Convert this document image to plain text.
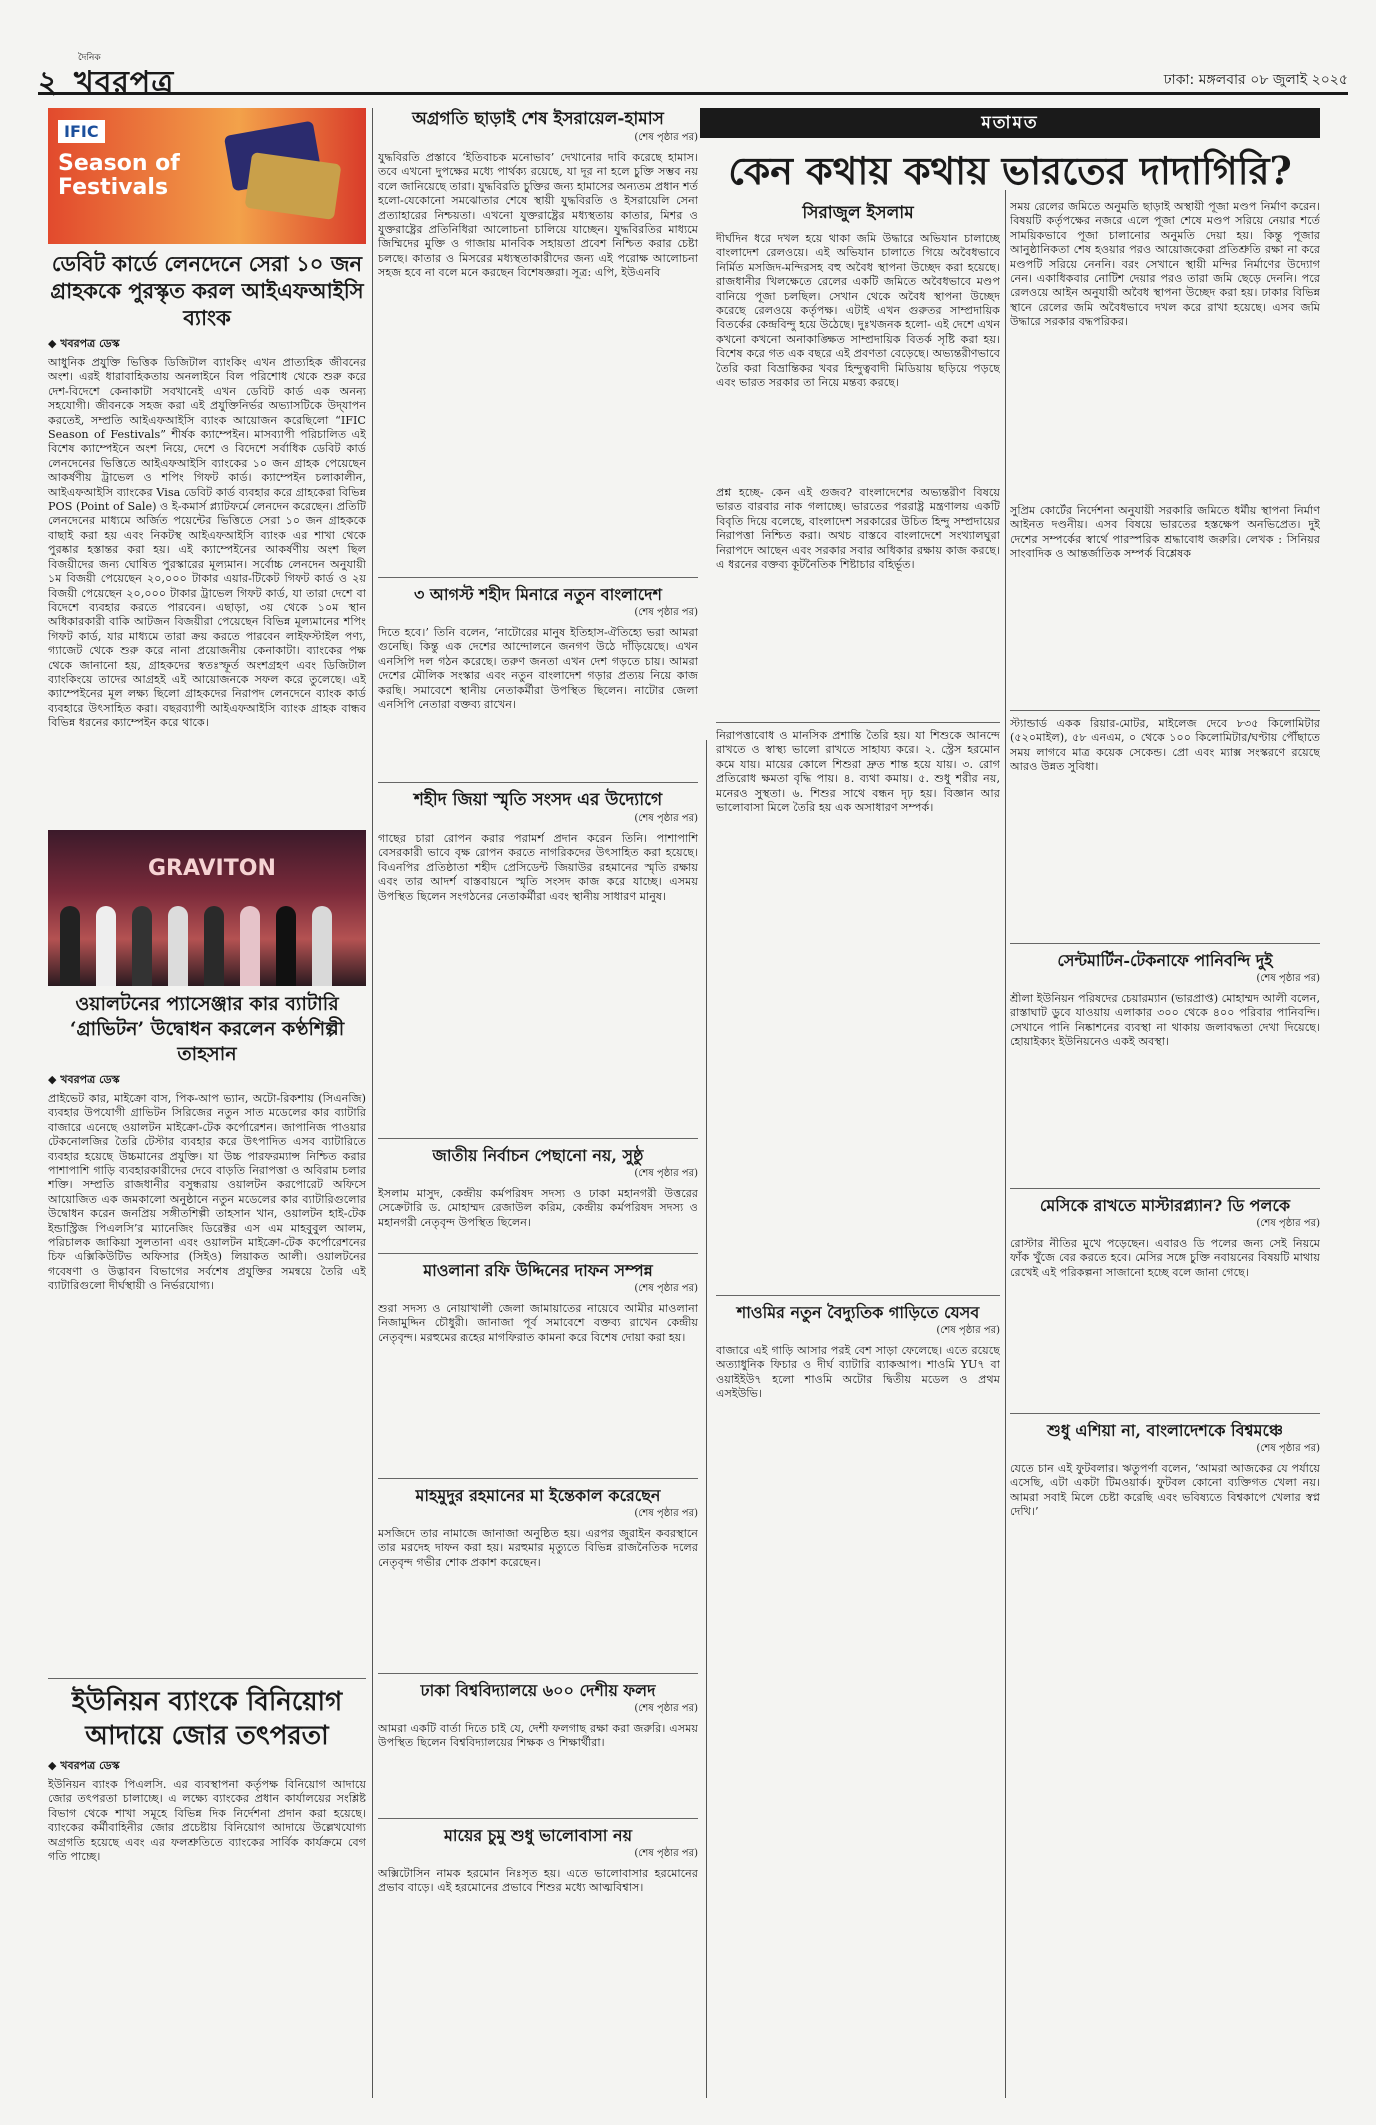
২
দৈনিক
খবরপত্র	ঢাকা: মঙ্গলবার ০৮ জুলাই ২০২৫
IFIC
Season of Festivals
ডেবিট কার্ডে লেনদেনে সেরা ১০ জন গ্রাহককে পুরস্কৃত করল আইএফআইসি ব্যাংক

◆ খবরপত্র ডেস্ক

আধুনিক প্রযুক্তি ভিত্তিক ডিজিটাল ব্যাংকিং এখন প্রাত্যহিক জীবনের অংশ। এরই ধারাবাহিকতায় অনলাইনে বিল পরিশোধ থেকে শুরু করে দেশ-বিদেশে কেনাকাটা সবখানেই এখন ডেবিট কার্ড এক অনন্য সহযোগী। জীবনকে সহজ করা এই প্রযুক্তিনির্ভর অভ্যাসটিকে উদ্‌যাপন করতেই, সম্প্রতি আইএফআইসি ব্যাংক আয়োজন করেছিলো “IFIC Season of Festivals” শীর্ষক ক্যাম্পেইন। মাসব্যাপী পরিচালিত এই বিশেষ ক্যাম্পেইনে অংশ নিয়ে, দেশে ও বিদেশে সর্বাধিক ডেবিট কার্ড লেনদেনের ভিত্তিতে আইএফআইসি ব্যাংকের ১০ জন গ্রাহক পেয়েছেন আকর্ষণীয় ট্রাভেল ও শপিং গিফট কার্ড। ক্যাম্পেইন চলাকালীন, আইএফআইসি ব্যাংকের Visa ডেবিট কার্ড ব্যবহার করে গ্রাহকেরা বিভিন্ন POS (Point of Sale) ও ই-কমার্স প্ল্যাটফর্মে লেনদেন করেছেন। প্রতিটি লেনদেনের মাধ্যমে অর্জিত পয়েন্টের ভিত্তিতে সেরা ১০ জন গ্রাহককে বাছাই করা হয় এবং নিকটস্থ আইএফআইসি ব্যাংক এর শাখা থেকে পুরষ্কার হস্তান্তর করা হয়। এই ক্যাম্পেইনের আকর্ষণীয় অংশ ছিল বিজয়ীদের জন্য ঘোষিত পুরস্কারের মূল্যমান। সর্বোচ্চ লেনদেন অনুযায়ী ১ম বিজয়ী পেয়েছেন ২০,০০০ টাকার এয়ার-টিকেট গিফট কার্ড ও ২য় বিজয়ী পেয়েছেন ২০,০০০ টাকার ট্রাভেল গিফট কার্ড, যা তারা দেশে বা বিদেশে ব্যবহার করতে পারবেন। এছাড়া, ৩য় থেকে ১০ম স্থান অধিকারকারী বাকি আটজন বিজয়ীরা পেয়েছেন বিভিন্ন মূল্যমানের শপিং গিফট কার্ড, যার মাধ্যমে তারা ক্রয় করতে পারবেন লাইফস্টাইল পণ্য, গ্যাজেট থেকে শুরু করে নানা প্রয়োজনীয় কেনাকাটা। ব্যাংকের পক্ষ থেকে জানানো হয়, গ্রাহকদের স্বতঃস্ফূর্ত অংশগ্রহণ এবং ডিজিটাল ব্যাংকিংয়ে তাদের আগ্রহই এই আয়োজনকে সফল করে তুলেছে। এই ক্যাম্পেইনের মূল লক্ষ্য ছিলো গ্রাহকদের নিরাপদ লেনদেনে ব্যাংক কার্ড ব্যবহারে উৎসাহিত করা। বছরব্যাপী আইএফআইসি ব্যাংক গ্রাহক বান্ধব বিভিন্ন ধরনের ক্যাম্পেইন করে থাকে।

GRAVITON
ওয়ালটনের প্যাসেঞ্জার কার ব্যাটারি ‘গ্রাভিটন’ উদ্বোধন করলেন কণ্ঠশিল্পী তাহসান

◆ খবরপত্র ডেস্ক

প্রাইভেট কার, মাইক্রো বাস, পিক-আপ ভ্যান, অটো-রিকশায় (সিএনজি) ব্যবহার উপযোগী গ্রাভিটন সিরিজের নতুন সাত মডেলের কার ব্যাটারি বাজারে এনেছে ওয়ালটন মাইক্রো-টেক কর্পোরেশন। জাপানিজ পাওয়ার টেকনোলজির তৈরি টেস্টার ব্যবহার করে উৎপাদিত এসব ব্যাটারিতে ব্যবহার হয়েছে উচ্চমানের প্রযুক্তি। যা উচ্চ পারফরম্যান্স নিশ্চিত করার পাশাপাশি গাড়ি ব্যবহারকারীদের দেবে বাড়তি নিরাপত্তা ও অবিরাম চলার শক্তি। সম্প্রতি রাজধানীর বসুন্ধরায় ওয়ালটন করপোরেট অফিসে আয়োজিত এক জমকালো অনুষ্ঠানে নতুন মডেলের কার ব্যাটারিগুলোর উদ্বোধন করেন জনপ্রিয় সঙ্গীতশিল্পী তাহসান খান, ওয়ালটন হাই-টেক ইন্ডাস্ট্রিজ পিএলসি’র ম্যানেজিং ডিরেক্টর এস এম মাহবুবুল আলম, পরিচালক জাকিয়া সুলতানা এবং ওয়ালটন মাইক্রো-টেক কর্পোরেশনের চিফ এক্সিকিউটিভ অফিসার (সিইও) লিয়াকত আলী। ওয়ালটনের গবেষণা ও উদ্ভাবন বিভাগের সর্বশেষ প্রযুক্তির সমন্বয়ে তৈরি এই ব্যাটারিগুলো দীর্ঘস্থায়ী ও নির্ভরযোগ্য।

ইউনিয়ন ব্যাংকে বিনিয়োগ আদায়ে জোর তৎপরতা

◆ খবরপত্র ডেস্ক

ইউনিয়ন ব্যাংক পিএলসি. এর ব্যবস্থাপনা কর্তৃপক্ষ বিনিয়োগ আদায়ে জোর তৎপরতা চালাচ্ছে। এ লক্ষ্যে ব্যাংকের প্রধান কার্যালয়ের সংশ্লিষ্ট বিভাগ থেকে শাখা সমূহে বিভিন্ন দিক নির্দেশনা প্রদান করা হয়েছে। ব্যাংকের কর্মীবাহিনীর জোর প্রচেষ্টায় বিনিয়োগ আদায়ে উল্লেখযোগ্য অগ্রগতি হয়েছে এবং এর ফলশ্রুতিতে ব্যাংকের সার্বিক কার্যক্রমে বেগ গতি পাচ্ছে।

অগ্রগতি ছাড়াই শেষ ইসরায়েল-হামাস

(শেষ পৃষ্ঠার পর)

যুদ্ধবিরতি প্রস্তাবে ‘ইতিবাচক মনোভাব’ দেখানোর দাবি করেছে হামাস। তবে এখনো দুপক্ষের মধ্যে পার্থক্য রয়েছে, যা দূর না হলে চুক্তি সম্ভব নয় বলে জানিয়েছে তারা। যুদ্ধবিরতি চুক্তির জন্য হামাসের অন্যতম প্রধান শর্ত হলো-যেকোনো সমঝোতার শেষে স্থায়ী যুদ্ধবিরতি ও ইসরায়েলি সেনা প্রত্যাহারের নিশ্চয়তা। এখনো যুক্তরাষ্ট্রের মধ্যস্থতায় কাতার, মিশর ও যুক্তরাষ্ট্রের প্রতিনিধিরা আলোচনা চালিয়ে যাচ্ছেন। যুদ্ধবিরতির মাধ্যমে জিম্মিদের মুক্তি ও গাজায় মানবিক সহায়তা প্রবেশ নিশ্চিত করার চেষ্টা চলছে। কাতার ও মিসরের মধ্যস্থতাকারীদের জন্য এই পরোক্ষ আলোচনা সহজ হবে না বলে মনে করছেন বিশেষজ্ঞরা। সূত্র: এপি, ইউএনবি

৩ আগস্ট শহীদ মিনারে নতুন বাংলাদেশ

(শেষ পৃষ্ঠার পর)

দিতে হবে।’ তিনি বলেন, ‘নাটোরের মানুষ ইতিহাস-ঐতিহ্যে ভরা আমরা গুনেছি। কিন্তু এক দেশের আন্দোলনে জনগণ উঠে দাঁড়িয়েছে। এখন এনসিপি দল গঠন করেছে। তরুণ জনতা এখন দেশ গড়তে চায়। আমরা দেশের মৌলিক সংস্কার এবং নতুন বাংলাদেশ গড়ার প্রত্যয় নিয়ে কাজ করছি। সমাবেশে স্থানীয় নেতাকর্মীরা উপস্থিত ছিলেন। নাটোর জেলা এনসিপি নেতারা বক্তব্য রাখেন।

শহীদ জিয়া স্মৃতি সংসদ এর উদ্যোগে

(শেষ পৃষ্ঠার পর)

গাছের চারা রোপন করার পরামর্শ প্রদান করেন তিনি। পাশাপাশি বেসরকারী ভাবে বৃক্ষ রোপন করতে নাগরিকদের উৎসাহিত করা হয়েছে। বিএনপির প্রতিষ্ঠাতা শহীদ প্রেসিডেন্ট জিয়াউর রহমানের স্মৃতি রক্ষায় এবং তার আদর্শ বাস্তবায়নে স্মৃতি সংসদ কাজ করে যাচ্ছে। এসময় উপস্থিত ছিলেন সংগঠনের নেতাকর্মীরা এবং স্থানীয় সাধারণ মানুষ।

জাতীয় নির্বাচন পেছানো নয়, সুষ্ঠু

(শেষ পৃষ্ঠার পর)

ইসলাম মাসুদ, কেন্দ্রীয় কর্মপরিষদ সদস্য ও ঢাকা মহানগরী উত্তরের সেক্রেটারি ড. মোহাম্মদ রেজাউল করিম, কেন্দ্রীয় কর্মপরিষদ সদস্য ও মহানগরী নেতৃবৃন্দ উপস্থিত ছিলেন।

মাওলানা রফি উদ্দিনের দাফন সম্পন্ন

(শেষ পৃষ্ঠার পর)

শুরা সদস্য ও নোয়াখালী জেলা জামায়াতের নায়েবে আমীর মাওলানা নিজামুদ্দিন চৌধুরী। জানাজা পূর্ব সমাবেশে বক্তব্য রাখেন কেন্দ্রীয় নেতৃবৃন্দ। মরহুমের রূহের মাগফিরাত কামনা করে বিশেষ দোয়া করা হয়।

মাহমুদুর রহমানের মা ইন্তেকাল করেছেন

(শেষ পৃষ্ঠার পর)

মসজিদে তার নামাজে জানাজা অনুষ্ঠিত হয়। এরপর জুরাইন কবরস্থানে তার মরদেহ দাফন করা হয়। মরহুমার মৃত্যুতে বিভিন্ন রাজনৈতিক দলের নেতৃবৃন্দ গভীর শোক প্রকাশ করেছেন।

ঢাকা বিশ্ববিদ্যালয়ে ৬০০ দেশীয় ফলদ

(শেষ পৃষ্ঠার পর)

আমরা একটি বার্তা দিতে চাই যে, দেশী ফলগাছ রক্ষা করা জরুরি। এসময় উপস্থিত ছিলেন বিশ্ববিদ্যালয়ের শিক্ষক ও শিক্ষার্থীরা।

মায়ের চুমু শুধু ভালোবাসা নয়

(শেষ পৃষ্ঠার পর)

অক্সিটোসিন নামক হরমোন নিঃসৃত হয়। এতে ভালোবাসার হরমোনের প্রভাব বাড়ে। এই হরমোনের প্রভাবে শিশুর মধ্যে আত্মবিশ্বাস।

মতামত
কেন কথায় কথায় ভারতের দাদাগিরি?

সিরাজুল ইসলাম

দীর্ঘদিন ধরে দখল হয়ে থাকা জমি উদ্ধারে অভিযান চালাচ্ছে বাংলাদেশ রেলওয়ে। এই অভিযান চালাতে গিয়ে অবৈধভাবে নির্মিত মসজিদ-মন্দিরসহ বহু অবৈধ স্থাপনা উচ্ছেদ করা হয়েছে। রাজধানীর খিলক্ষেতে রেলের একটি জমিতে অবৈধভাবে মণ্ডপ বানিয়ে পূজা চলছিল। সেখান থেকে অবৈধ স্থাপনা উচ্ছেদ করেছে রেলওয়ে কর্তৃপক্ষ। এটাই এখন গুরুতর সাম্প্রদায়িক বিতর্কের কেন্দ্রবিন্দু হয়ে উঠেছে। দুঃখজনক হলো- এই দেশে এখন কখনো কখনো অনাকাঙ্ক্ষিত সাম্প্রদায়িক বিতর্ক সৃষ্টি করা হয়। বিশেষ করে গত এক বছরে এই প্রবণতা বেড়েছে। অভ্যন্তরীণভাবে তৈরি করা বিভ্রান্তিকর খবর হিন্দুত্ববাদী মিডিয়ায় ছড়িয়ে পড়ছে এবং ভারত সরকার তা নিয়ে মন্তব্য করছে।

প্রশ্ন হচ্ছে- কেন এই গুজব? বাংলাদেশের অভ্যন্তরীণ বিষয়ে ভারত বারবার নাক গলাচ্ছে। ভারতের পররাষ্ট্র মন্ত্রণালয় একটি বিবৃতি দিয়ে বলেছে, বাংলাদেশ সরকারের উচিত হিন্দু সম্প্রদায়ের নিরাপত্তা নিশ্চিত করা। অথচ বাস্তবে বাংলাদেশে সংখ্যালঘুরা নিরাপদে আছেন এবং সরকার সবার অধিকার রক্ষায় কাজ করছে। এ ধরনের বক্তব্য কূটনৈতিক শিষ্টাচার বহির্ভূত।

নিরাপত্তাবোধ ও মানসিক প্রশান্তি তৈরি হয়। যা শিশুকে আনন্দে রাখতে ও স্বাস্থ্য ভালো রাখতে সাহায্য করে। ২. স্ট্রেস হরমোন কমে যায়। মায়ের কোলে শিশুরা দ্রুত শান্ত হয়ে যায়। ৩. রোগ প্রতিরোধ ক্ষমতা বৃদ্ধি পায়। ৪. ব্যথা কমায়। ৫. শুধু শরীর নয়, মনেরও সুস্থতা। ৬. শিশুর সাথে বন্ধন দৃঢ় হয়। বিজ্ঞান আর ভালোবাসা মিলে তৈরি হয় এক অসাধারণ সম্পর্ক।

শাওমির নতুন বৈদ্যুতিক গাড়িতে যেসব

(শেষ পৃষ্ঠার পর)

বাজারে এই গাড়ি আসার পরই বেশ সাড়া ফেলেছে। এতে রয়েছে অত্যাধুনিক ফিচার ও দীর্ঘ ব্যাটারি ব্যাকআপ। শাওমি YU৭ বা ওয়াইইউ৭ হলো শাওমি অটোর দ্বিতীয় মডেল ও প্রথম এসইউভি।

সময় রেলের জমিতে অনুমতি ছাড়াই অস্থায়ী পূজা মণ্ডপ নির্মাণ করেন। বিষয়টি কর্তৃপক্ষের নজরে এলে পূজা শেষে মণ্ডপ সরিয়ে নেয়ার শর্তে সাময়িকভাবে পূজা চালানোর অনুমতি দেয়া হয়। কিন্তু পূজার আনুষ্ঠানিকতা শেষ হওয়ার পরও আয়োজকেরা প্রতিশ্রুতি রক্ষা না করে মণ্ডপটি সরিয়ে নেননি। বরং সেখানে স্থায়ী মন্দির নির্মাণের উদ্যোগ নেন। একাধিকবার নোটিশ দেয়ার পরও তারা জমি ছেড়ে দেননি। পরে রেলওয়ে আইন অনুযায়ী অবৈধ স্থাপনা উচ্ছেদ করা হয়। ঢাকার বিভিন্ন স্থানে রেলের জমি অবৈধভাবে দখল করে রাখা হয়েছে। এসব জমি উদ্ধারে সরকার বদ্ধপরিকর।

সুপ্রিম কোর্টের নির্দেশনা অনুযায়ী সরকারি জমিতে ধর্মীয় স্থাপনা নির্মাণ আইনত দণ্ডনীয়। এসব বিষয়ে ভারতের হস্তক্ষেপ অনভিপ্রেত। দুই দেশের সম্পর্কের স্বার্থে পারস্পরিক শ্রদ্ধাবোধ জরুরি। লেখক : সিনিয়র সাংবাদিক ও আন্তর্জাতিক সম্পর্ক বিশ্লেষক

স্ট্যান্ডার্ড একক রিয়ার-মোটর, মাইলেজ দেবে ৮৩৫ কিলোমিটার (৫২০মাইল), ৫৮ এনএম, ০ থেকে ১০০ কিলোমিটার/ঘণ্টায় পৌঁছাতে সময় লাগবে মাত্র কয়েক সেকেন্ড। প্রো এবং ম্যাক্স সংস্করণে রয়েছে আরও উন্নত সুবিধা।

সেন্টমার্টিন-টেকনাফে পানিবন্দি দুই

(শেষ পৃষ্ঠার পর)

শ্রীলা ইউনিয়ন পরিষদের চেয়ারম্যান (ভারপ্রাপ্ত) মোহাম্মদ আলী বলেন, রাস্তাঘাট ডুবে যাওয়ায় এলাকার ৩০০ থেকে ৪০০ পরিবার পানিবন্দি। সেখানে পানি নিষ্কাশনের ব্যবস্থা না থাকায় জলাবদ্ধতা দেখা দিয়েছে। হোয়াইক্যং ইউনিয়নেও একই অবস্থা।

মেসিকে রাখতে মাস্টারপ্ল্যান? ডি পলকে

(শেষ পৃষ্ঠার পর)

রোস্টার নীতির মুখে পড়েছেন। এবারও ডি পলের জন্য সেই নিয়মে ফাঁক খুঁজে বের করতে হবে। মেসির সঙ্গে চুক্তি নবায়নের বিষয়টি মাথায় রেখেই এই পরিকল্পনা সাজানো হচ্ছে বলে জানা গেছে।

শুধু এশিয়া না, বাংলাদেশকে বিশ্বমঞ্চে

(শেষ পৃষ্ঠার পর)

যেতে চান এই ফুটবলার। ঋতুপর্ণা বলেন, ‘আমরা আজকের যে পর্যায়ে এসেছি, এটা একটা টিমওয়ার্ক। ফুটবল কোনো ব্যক্তিগত খেলা নয়। আমরা সবাই মিলে চেষ্টা করেছি এবং ভবিষ্যতে বিশ্বকাপে খেলার স্বপ্ন দেখি।’
